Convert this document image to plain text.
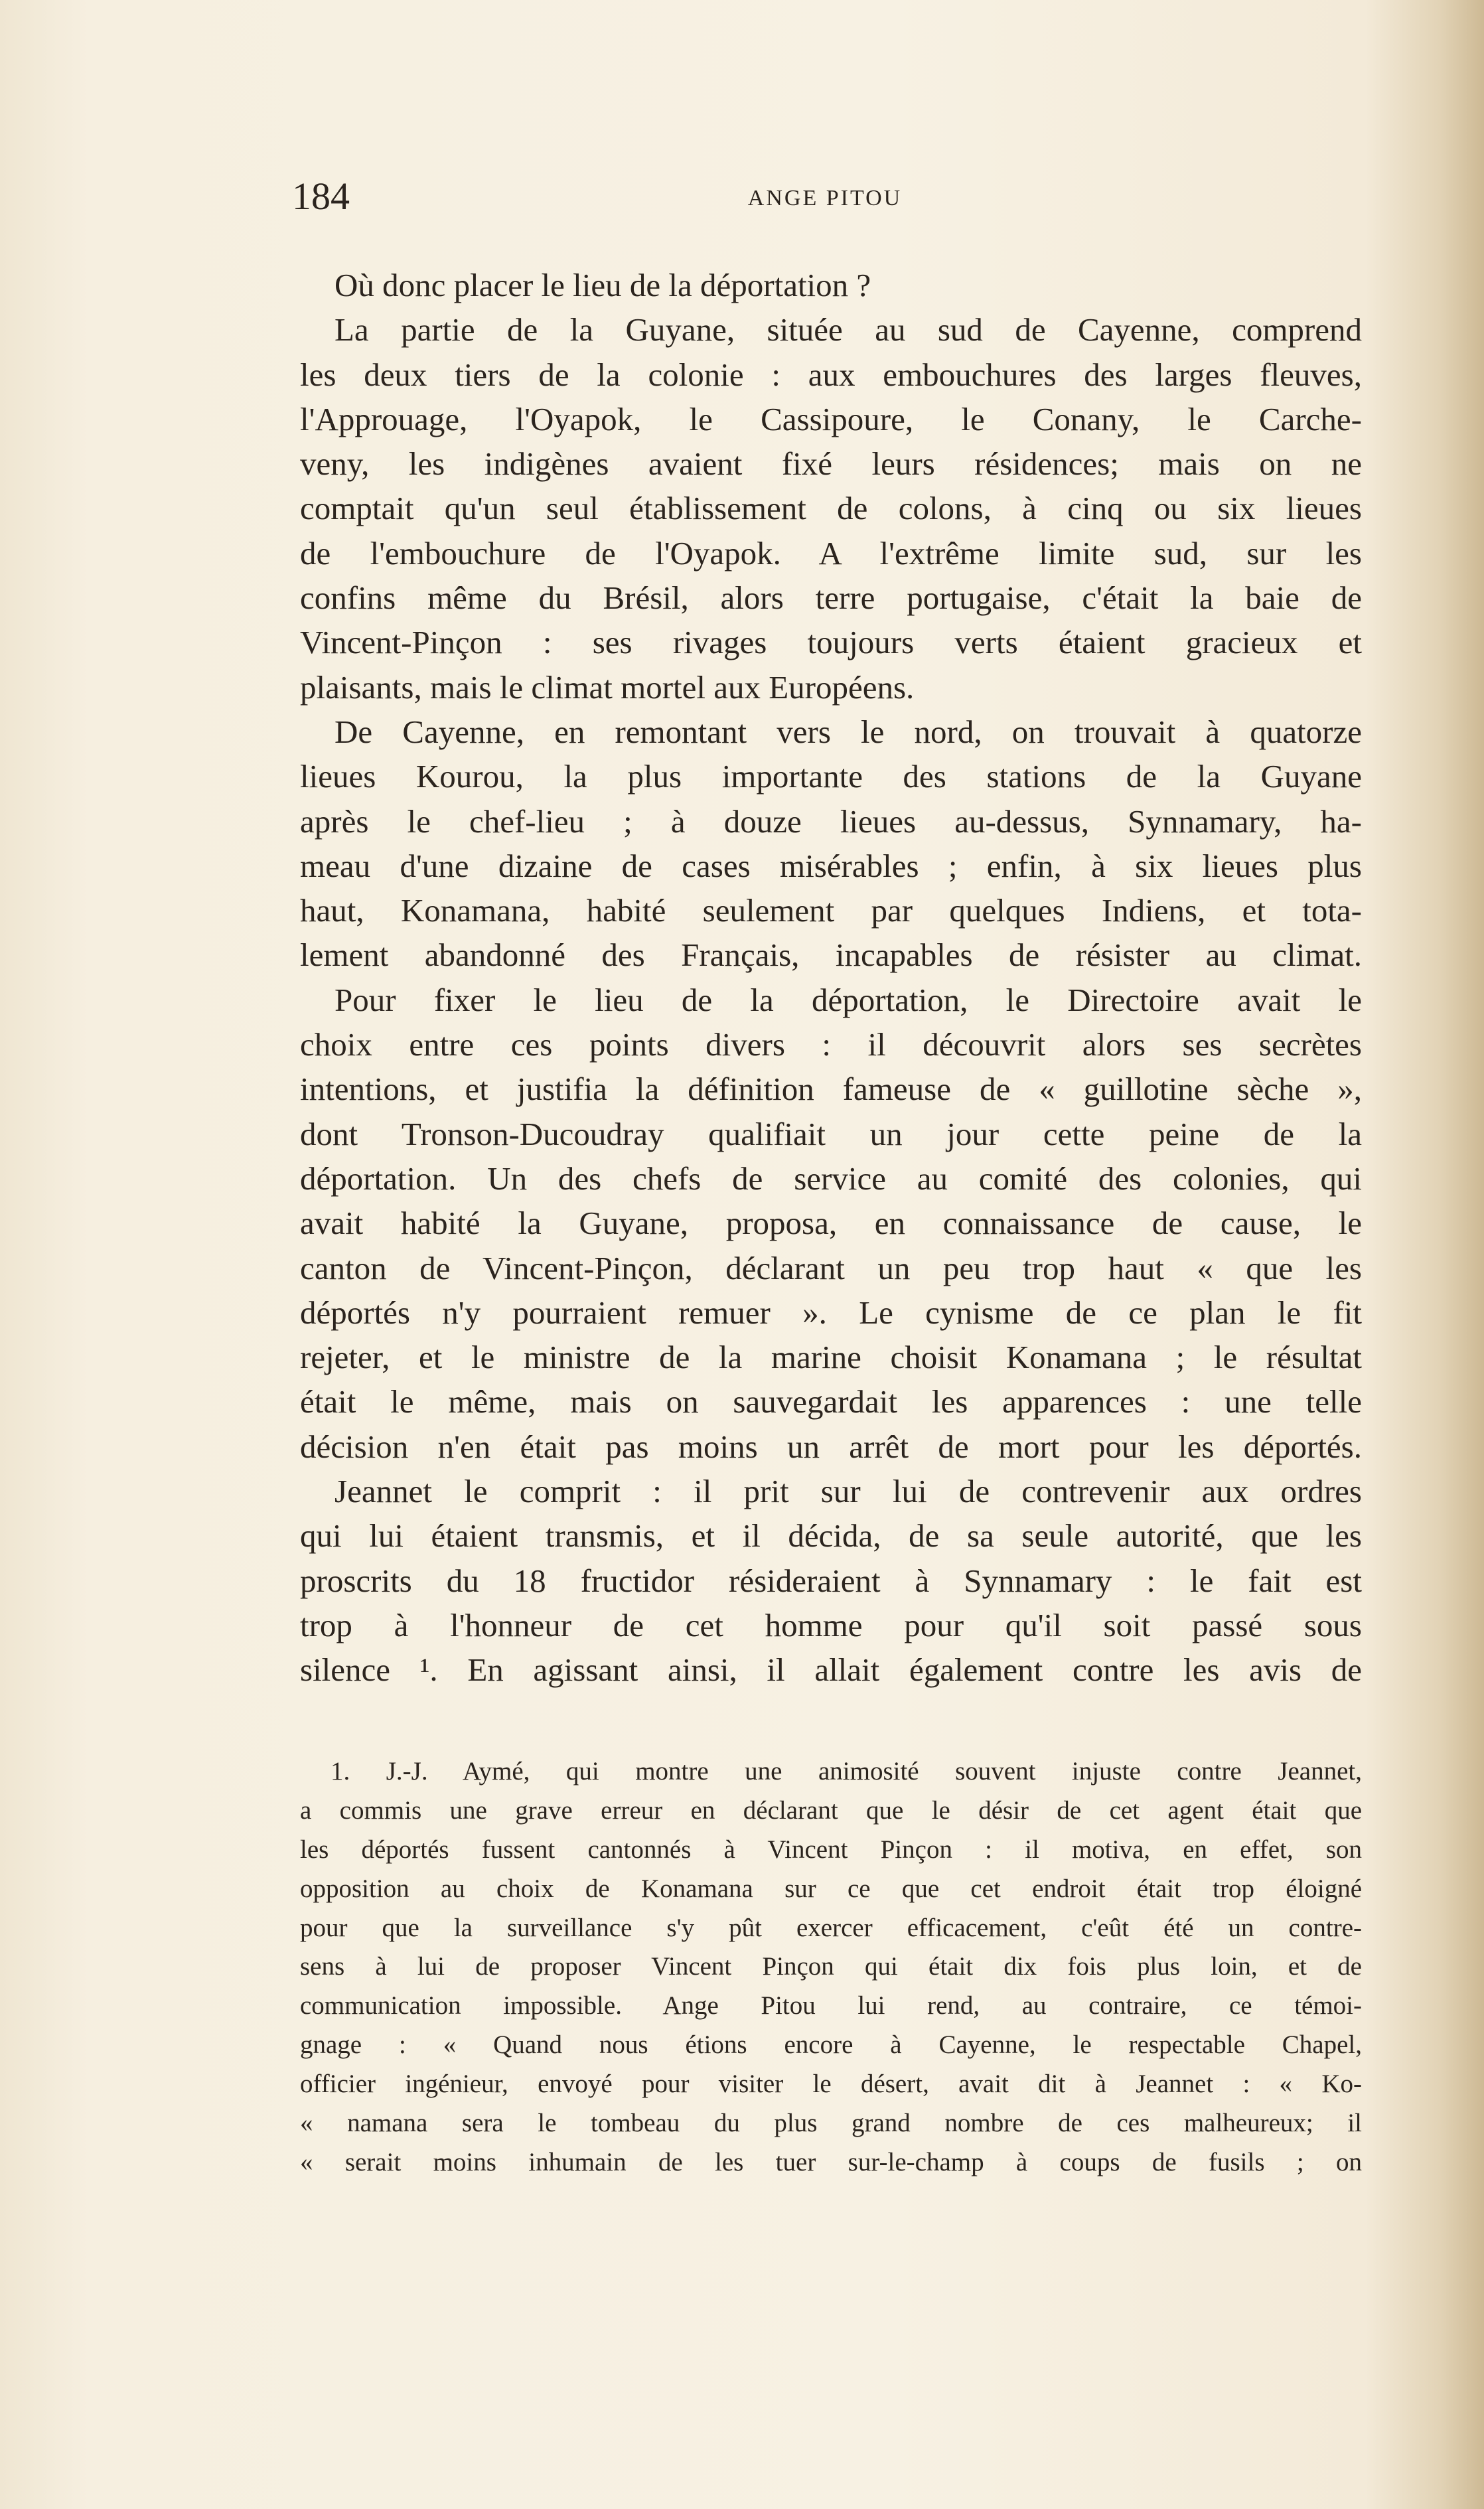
184	ANGE PITOU
Où donc placer le lieu de la déportation ?
La partie de la Guyane, située au sud de Cayenne, comprend
les deux tiers de la colonie : aux embouchures des larges fleuves,
l'Approuage, l'Oyapok, le Cassipoure, le Conany, le Carche-
veny, les indigènes avaient fixé leurs résidences; mais on ne
comptait qu'un seul établissement de colons, à cinq ou six lieues
de l'embouchure de l'Oyapok. A l'extrême limite sud, sur les
confins même du Brésil, alors terre portugaise, c'était la baie de
Vincent-Pinçon : ses rivages toujours verts étaient gracieux et
plaisants, mais le climat mortel aux Européens.
De Cayenne, en remontant vers le nord, on trouvait à quatorze
lieues Kourou, la plus importante des stations de la Guyane
après le chef-lieu ; à douze lieues au-dessus, Synnamary, ha-
meau d'une dizaine de cases misérables ; enfin, à six lieues plus
haut, Konamana, habité seulement par quelques Indiens, et tota-
lement abandonné des Français, incapables de résister au climat.
Pour fixer le lieu de la déportation, le Directoire avait le
choix entre ces points divers : il découvrit alors ses secrètes
intentions, et justifia la définition fameuse de « guillotine sèche »,
dont Tronson-Ducoudray qualifiait un jour cette peine de la
déportation. Un des chefs de service au comité des colonies, qui
avait habité la Guyane, proposa, en connaissance de cause, le
canton de Vincent-Pinçon, déclarant un peu trop haut « que les
déportés n'y pourraient remuer ». Le cynisme de ce plan le fit
rejeter, et le ministre de la marine choisit Konamana ; le résultat
était le même, mais on sauvegardait les apparences : une telle
décision n'en était pas moins un arrêt de mort pour les déportés.
Jeannet le comprit : il prit sur lui de contrevenir aux ordres
qui lui étaient transmis, et il décida, de sa seule autorité, que les
proscrits du 18 fructidor résideraient à Synnamary : le fait est
trop à l'honneur de cet homme pour qu'il soit passé sous
silence ¹. En agissant ainsi, il allait également contre les avis de
1. J.-J. Aymé, qui montre une animosité souvent injuste contre Jeannet,
a commis une grave erreur en déclarant que le désir de cet agent était que
les déportés fussent cantonnés à Vincent Pinçon : il motiva, en effet, son
opposition au choix de Konamana sur ce que cet endroit était trop éloigné
pour que la surveillance s'y pût exercer efficacement, c'eût été un contre-
sens à lui de proposer Vincent Pinçon qui était dix fois plus loin, et de
communication impossible. Ange Pitou lui rend, au contraire, ce témoi-
gnage : « Quand nous étions encore à Cayenne, le respectable Chapel,
officier ingénieur, envoyé pour visiter le désert, avait dit à Jeannet : « Ko-
« namana sera le tombeau du plus grand nombre de ces malheureux; il
« serait moins inhumain de les tuer sur-le-champ à coups de fusils ; on
